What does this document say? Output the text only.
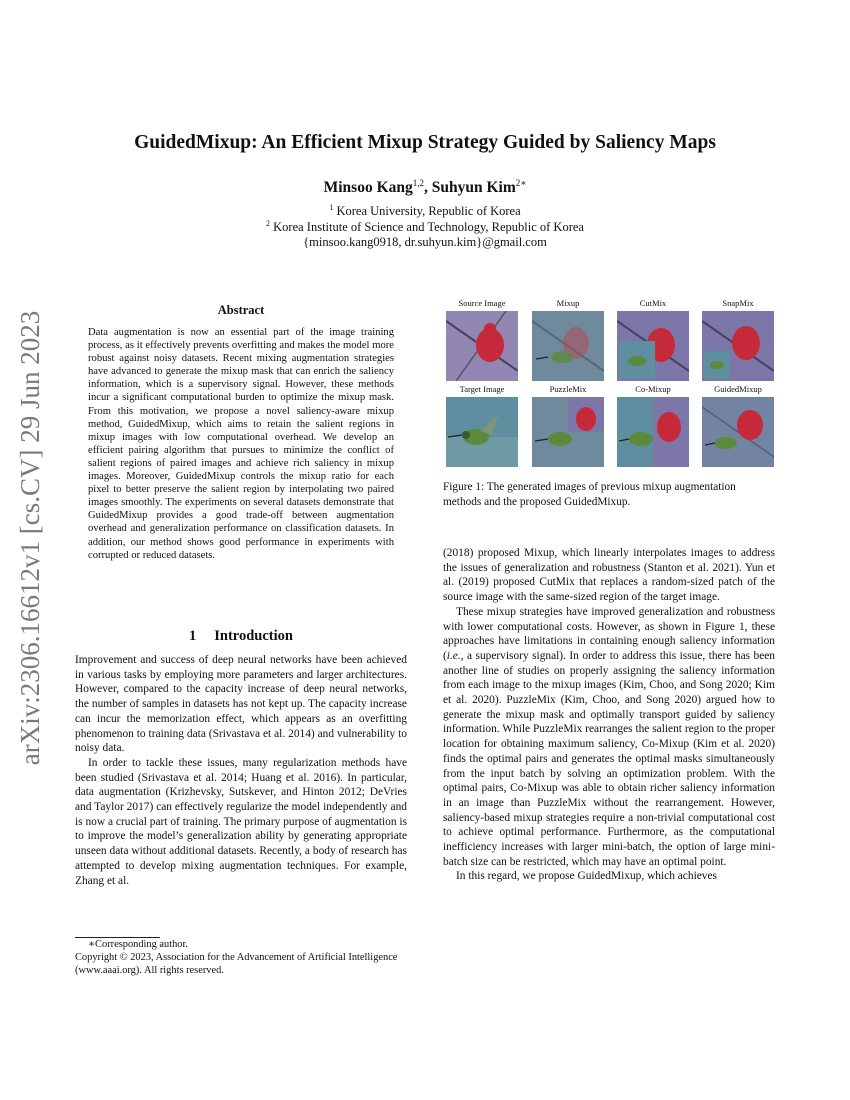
arXiv:2306.16612v1 [cs.CV] 29 Jun 2023
GuidedMixup: An Efficient Mixup Strategy Guided by Saliency Maps
Minsoo Kang$^{1,2}$, Suhyun Kim$^{2∗}$
$^1$ Korea University, Republic of Korea
$^2$ Korea Institute of Science and Technology, Republic of Korea
{minsoo.kang0918, dr.suhyun.kim}@gmail.com
Abstract
Data augmentation is now an essential part of the image training process, as it effectively prevents overfitting and makes the model more robust against noisy datasets. Recent mixing augmentation strategies have advanced to generate the mixup mask that can enrich the saliency information, which is a supervisory signal. However, these methods incur a significant computational burden to optimize the mixup mask. From this motivation, we propose a novel saliency-aware mixup method, GuidedMixup, which aims to retain the salient regions in mixup images with low computational overhead. We develop an efficient pairing algorithm that pursues to minimize the conflict of salient regions of paired images and achieve rich saliency in mixup images. Moreover, GuidedMixup controls the mixup ratio for each pixel to better preserve the salient region by interpolating two paired images smoothly. The experiments on several datasets demonstrate that GuidedMixup provides a good trade-off between augmentation overhead and generalization performance on classification datasets. In addition, our method shows good performance in experiments with corrupted or reduced datasets.
1 Introduction

Improvement and success of deep neural networks have been achieved in various tasks by employing more parameters and larger architectures. However, compared to the capacity increase of deep neural networks, the number of samples in datasets has not kept up. The capacity increase can incur the memorization effect, which appears as an overfitting phenomenon to training data (Srivastava et al. 2014) and vulnerability to noisy data.

In order to tackle these issues, many regularization methods have been studied (Srivastava et al. 2014; Huang et al. 2016). In particular, data augmentation (Krizhevsky, Sutskever, and Hinton 2012; DeVries and Taylor 2017) can effectively regularize the model independently and is now a crucial part of training. The primary purpose of augmentation is to improve the model’s generalization ability by generating appropriate unseen data without additional datasets. Recently, a body of research has attempted to develop mixing augmentation techniques. For example, Zhang et al.

∗Corresponding author.
Copyright © 2023, Association for the Advancement of Artificial Intelligence (www.aaai.org). All rights reserved.
Source Image	Mixup	CutMix	SnapMix
Target Image	PuzzleMix	Co-Mixup	GuidedMixup
Figure 1: The generated images of previous mixup augmentation methods and the proposed GuidedMixup.

(2018) proposed Mixup, which linearly interpolates images to address the issues of generalization and robustness (Stanton et al. 2021). Yun et al. (2019) proposed CutMix that replaces a random-sized patch of the source image with the same-sized region of the target image.

These mixup strategies have improved generalization and robustness with lower computational costs. However, as shown in Figure 1, these approaches have limitations in containing enough saliency information (i.e., a supervisory signal). In order to address this issue, there has been another line of studies on properly assigning the saliency information from each image to the mixup images (Kim, Choo, and Song 2020; Kim et al. 2020). PuzzleMix (Kim, Choo, and Song 2020) argued how to generate the mixup mask and optimally transport guided by saliency information. While PuzzleMix rearranges the salient region to the proper location for obtaining maximum saliency, Co-Mixup (Kim et al. 2020) finds the optimal pairs and generates the optimal masks simultaneously from the input batch by solving an optimization problem. With the optimal pairs, Co-Mixup was able to obtain richer saliency information in an image than PuzzleMix without the rearrangement. However, saliency-based mixup strategies require a non-trivial computational cost to achieve optimal performance. Furthermore, as the computational inefficiency increases with larger mini-batch, the option of large mini-batch size can be restricted, which may have an optimal point.

In this regard, we propose GuidedMixup, which achieves
